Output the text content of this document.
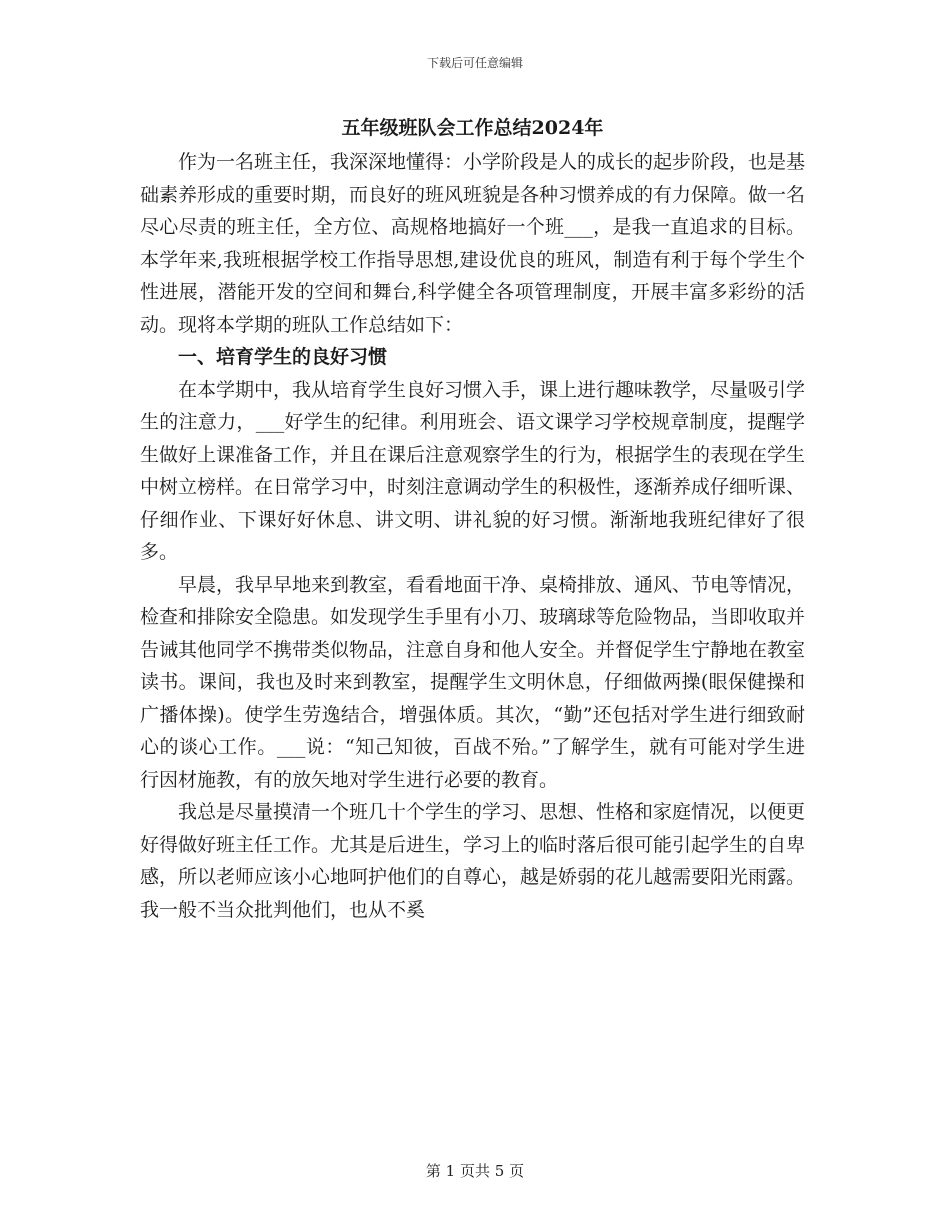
下载后可任意编辑
五年级班队会工作总结2024年

作为一名班主任，我深深地懂得：小学阶段是人的成长的起步阶段，也是基础素养形成的重要时期，而良好的班风班貌是各种习惯养成的有力保障。做一名尽心尽责的班主任，全方位、高规格地搞好一个班___，是我一直追求的目标。本学年来,我班根据学校工作指导思想,建设优良的班风，制造有利于每个学生个性进展，潜能开发的空间和舞台,科学健全各项管理制度，开展丰富多彩纷的活动。现将本学期的班队工作总结如下：

一、培育学生的良好习惯

在本学期中，我从培育学生良好习惯入手，课上进行趣味教学，尽量吸引学生的注意力，___好学生的纪律。利用班会、语文课学习学校规章制度，提醒学生做好上课准备工作，并且在课后注意观察学生的行为，根据学生的表现在学生中树立榜样。在日常学习中，时刻注意调动学生的积极性，逐渐养成仔细听课、仔细作业、下课好好休息、讲文明、讲礼貌的好习惯。渐渐地我班纪律好了很多。

早晨，我早早地来到教室，看看地面干净、桌椅排放、通风、节电等情况，检查和排除安全隐患。如发现学生手里有小刀、玻璃球等危险物品，当即收取并告诫其他同学不携带类似物品，注意自身和他人安全。并督促学生宁静地在教室读书。课间，我也及时来到教室，提醒学生文明休息，仔细做两操(眼保健操和广播体操)。使学生劳逸结合，增强体质。其次，“勤”还包括对学生进行细致耐心的谈心工作。___说：“知己知彼，百战不殆。”了解学生，就有可能对学生进行因材施教，有的放矢地对学生进行必要的教育。

我总是尽量摸清一个班几十个学生的学习、思想、性格和家庭情况，以便更好得做好班主任工作。尤其是后进生，学习上的临时落后很可能引起学生的自卑感，所以老师应该小心地呵护他们的自尊心，越是娇弱的花儿越需要阳光雨露。我一般不当众批判他们，也从不奚

第 1 页共 5 页
